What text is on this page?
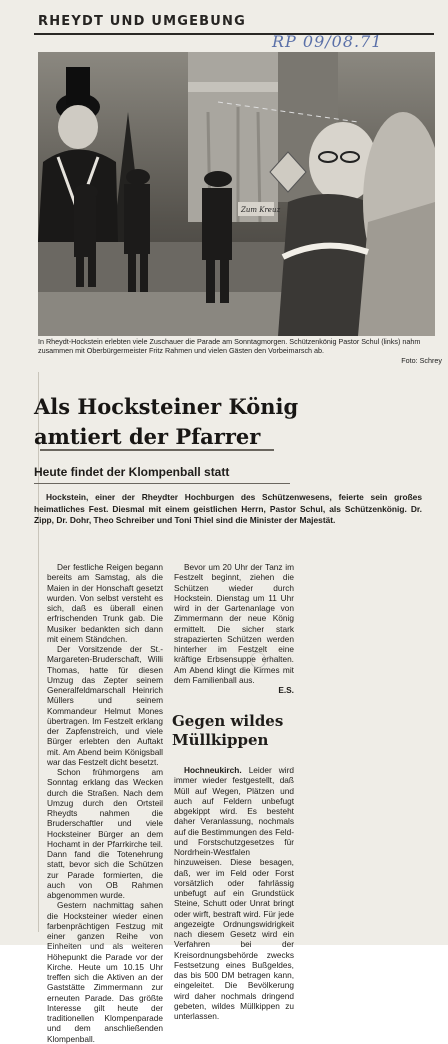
RHEYDT UND UMGEBUNG
Zum Kreuz
RP 09/08.71
In Rheydt-Hockstein erlebten viele Zuschauer die Parade am Sonntagmorgen. Schützenkönig Pastor Schul (links) nahm zusammen mit Oberbürgermeister Fritz Rahmen und vielen Gästen den Vorbeimarsch ab.
Foto: Schrey
Als Hocksteiner König
amtiert der Pfarrer
Heute findet der Klompenball statt
Hockstein, einer der Rheydter Hochburgen des Schützenwesens, feierte sein großes heimatliches Fest. Diesmal mit einem geistlichen Herrn, Pastor Schul, als Schützenkönig. Dr. Zipp, Dr. Dohr, Theo Schreiber und Toni Thiel sind die Minister der Majestät.

Der festliche Reigen begann bereits am Samstag, als die Maien in der Honschaft gesetzt wurden. Von selbst versteht es sich, daß es überall einen erfrischenden Trunk gab. Die Musiker bedankten sich dann mit einem Ständchen.

Der Vorsitzende der St.-Margareten-Bruderschaft, Willi Thomas, hatte für diesen Umzug das Zepter seinem Generalfeldmarschall Heinrich Müllers und seinem Kommandeur Helmut Mones übertragen. Im Festzelt erklang der Zapfenstreich, und viele Bürger erlebten den Auftakt mit. Am Abend beim Königsball war das Festzelt dicht besetzt.

Schon frühmorgens am Sonntag erklang das Wecken durch die Straßen. Nach dem Umzug durch den Ortsteil Rheydts nahmen die Bruderschaftler und viele Hocksteiner Bürger an dem Hochamt in der Pfarrkirche teil. Dann fand die Totenehrung statt, bevor sich die Schützen zur Parade formierten, die auch von OB Rahmen abgenommen wurde.

Gestern nachmittag sahen die Hocksteiner wieder einen farbenprächtigen Festzug mit einer ganzen Reihe von Einheiten und als weiteren Höhepunkt die Parade vor der Kirche. Heute um 10.15 Uhr treffen sich die Aktiven an der Gaststätte Zimmermann zur erneuten Parade. Das größte Interesse gilt heute der traditionellen Klompenparade und dem anschließenden Klompenball.

Bevor um 20 Uhr der Tanz im Festzelt beginnt, ziehen die Schützen wieder durch Hockstein. Dienstag um 11 Uhr wird in der Gartenanlage von Zimmermann der neue König ermittelt. Die sicher stark strapazierten Schützen werden hinterher im Festzelt eine kräftige Erbsensuppe erhalten. Am Abend klingt die Kirmes mit dem Familienball aus.

E.S.
Gegen wildes Müllkippen

Hochneukirch. Leider wird immer wieder festgestellt, daß Müll auf Wegen, Plätzen und auch auf Feldern unbefugt abgekippt wird. Es besteht daher Veranlassung, nochmals auf die Bestimmungen des Feld- und Forstschutzgesetzes für Nordrhein-Westfalen hinzuweisen. Diese besagen, daß, wer im Feld oder Forst vorsätzlich oder fahrlässig unbefugt auf ein Grundstück Steine, Schutt oder Unrat bringt oder wirft, bestraft wird. Für jede angezeigte Ordnungswidrigkeit nach diesem Gesetz wird ein Verfahren bei der Kreisordnungsbehörde zwecks Festsetzung eines Bußgeldes, das bis 500 DM betragen kann, eingeleitet. Die Bevölkerung wird daher nochmals dringend gebeten, wildes Müllkippen zu unterlassen.
